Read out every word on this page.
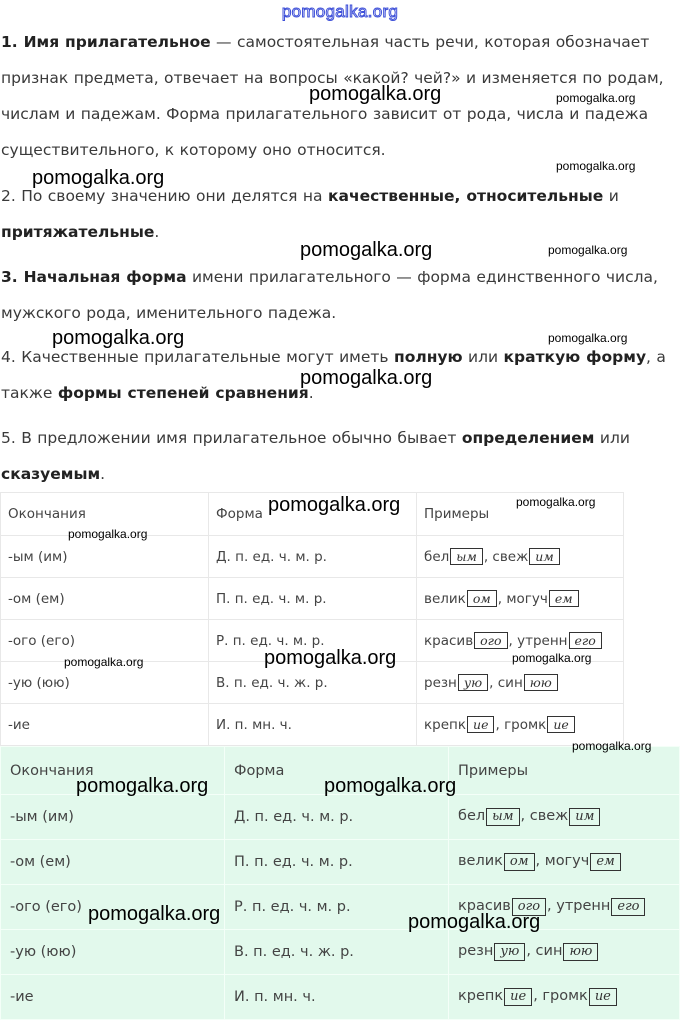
pomogalka.org

1. Имя прилагательное — самостоятельная часть речи, которая обозначает признак предмета, отвечает на вопросы «какой? чей?» и изменяется по родам, числам и падежам. Форма прилагательного зависит от рода, числа и падежа существительного, к которому оно относится.

2. По своему значению они делятся на качественные, относительные и притяжательные.

3. Начальная форма имени прилагательного — форма единственного числа, мужского рода, именительного падежа.

4. Качественные прилагательные могут иметь полную или краткую форму, а также формы степеней сравнения.

5. В предложении имя прилагательное обычно бывает определением или сказуемым.

Окончания	Форма	Примеры
-ым (им)	Д. п. ед. ч. м. р.	бел ым , свеж им
-ом (ем)	П. п. ед. ч. м. р.	велик ом , могуч ем
-ого (его)	Р. п. ед. ч. м. р.	красив ого , утренн его
-ую (юю)	В. п. ед. ч. ж. р.	резн ую , син юю
-ие	И. п. мн. ч.	крепк ие , громк ие
Окончания	Форма	Примеры
-ым (им)	Д. п. ед. ч. м. р.	бел ым , свеж им
-ом (ем)	П. п. ед. ч. м. р.	велик ом , могуч ем
-ого (его)	Р. п. ед. ч. м. р.	красив ого , утренн его
-ую (юю)	В. п. ед. ч. ж. р.	резн ую , син юю
-ие	И. п. мн. ч.	крепк ие , громк ие
pomogalka.org	pomogalka.org
pomogalka.org
pomogalka.org
pomogalka.org	pomogalka.org
pomogalka.org	pomogalka.org
pomogalka.org
pomogalka.org	pomogalka.org
pomogalka.org
pomogalka.org
pomogalka.org	pomogalka.org
pomogalka.org
pomogalka.org	pomogalka.org
pomogalka.org	pomogalka.org
